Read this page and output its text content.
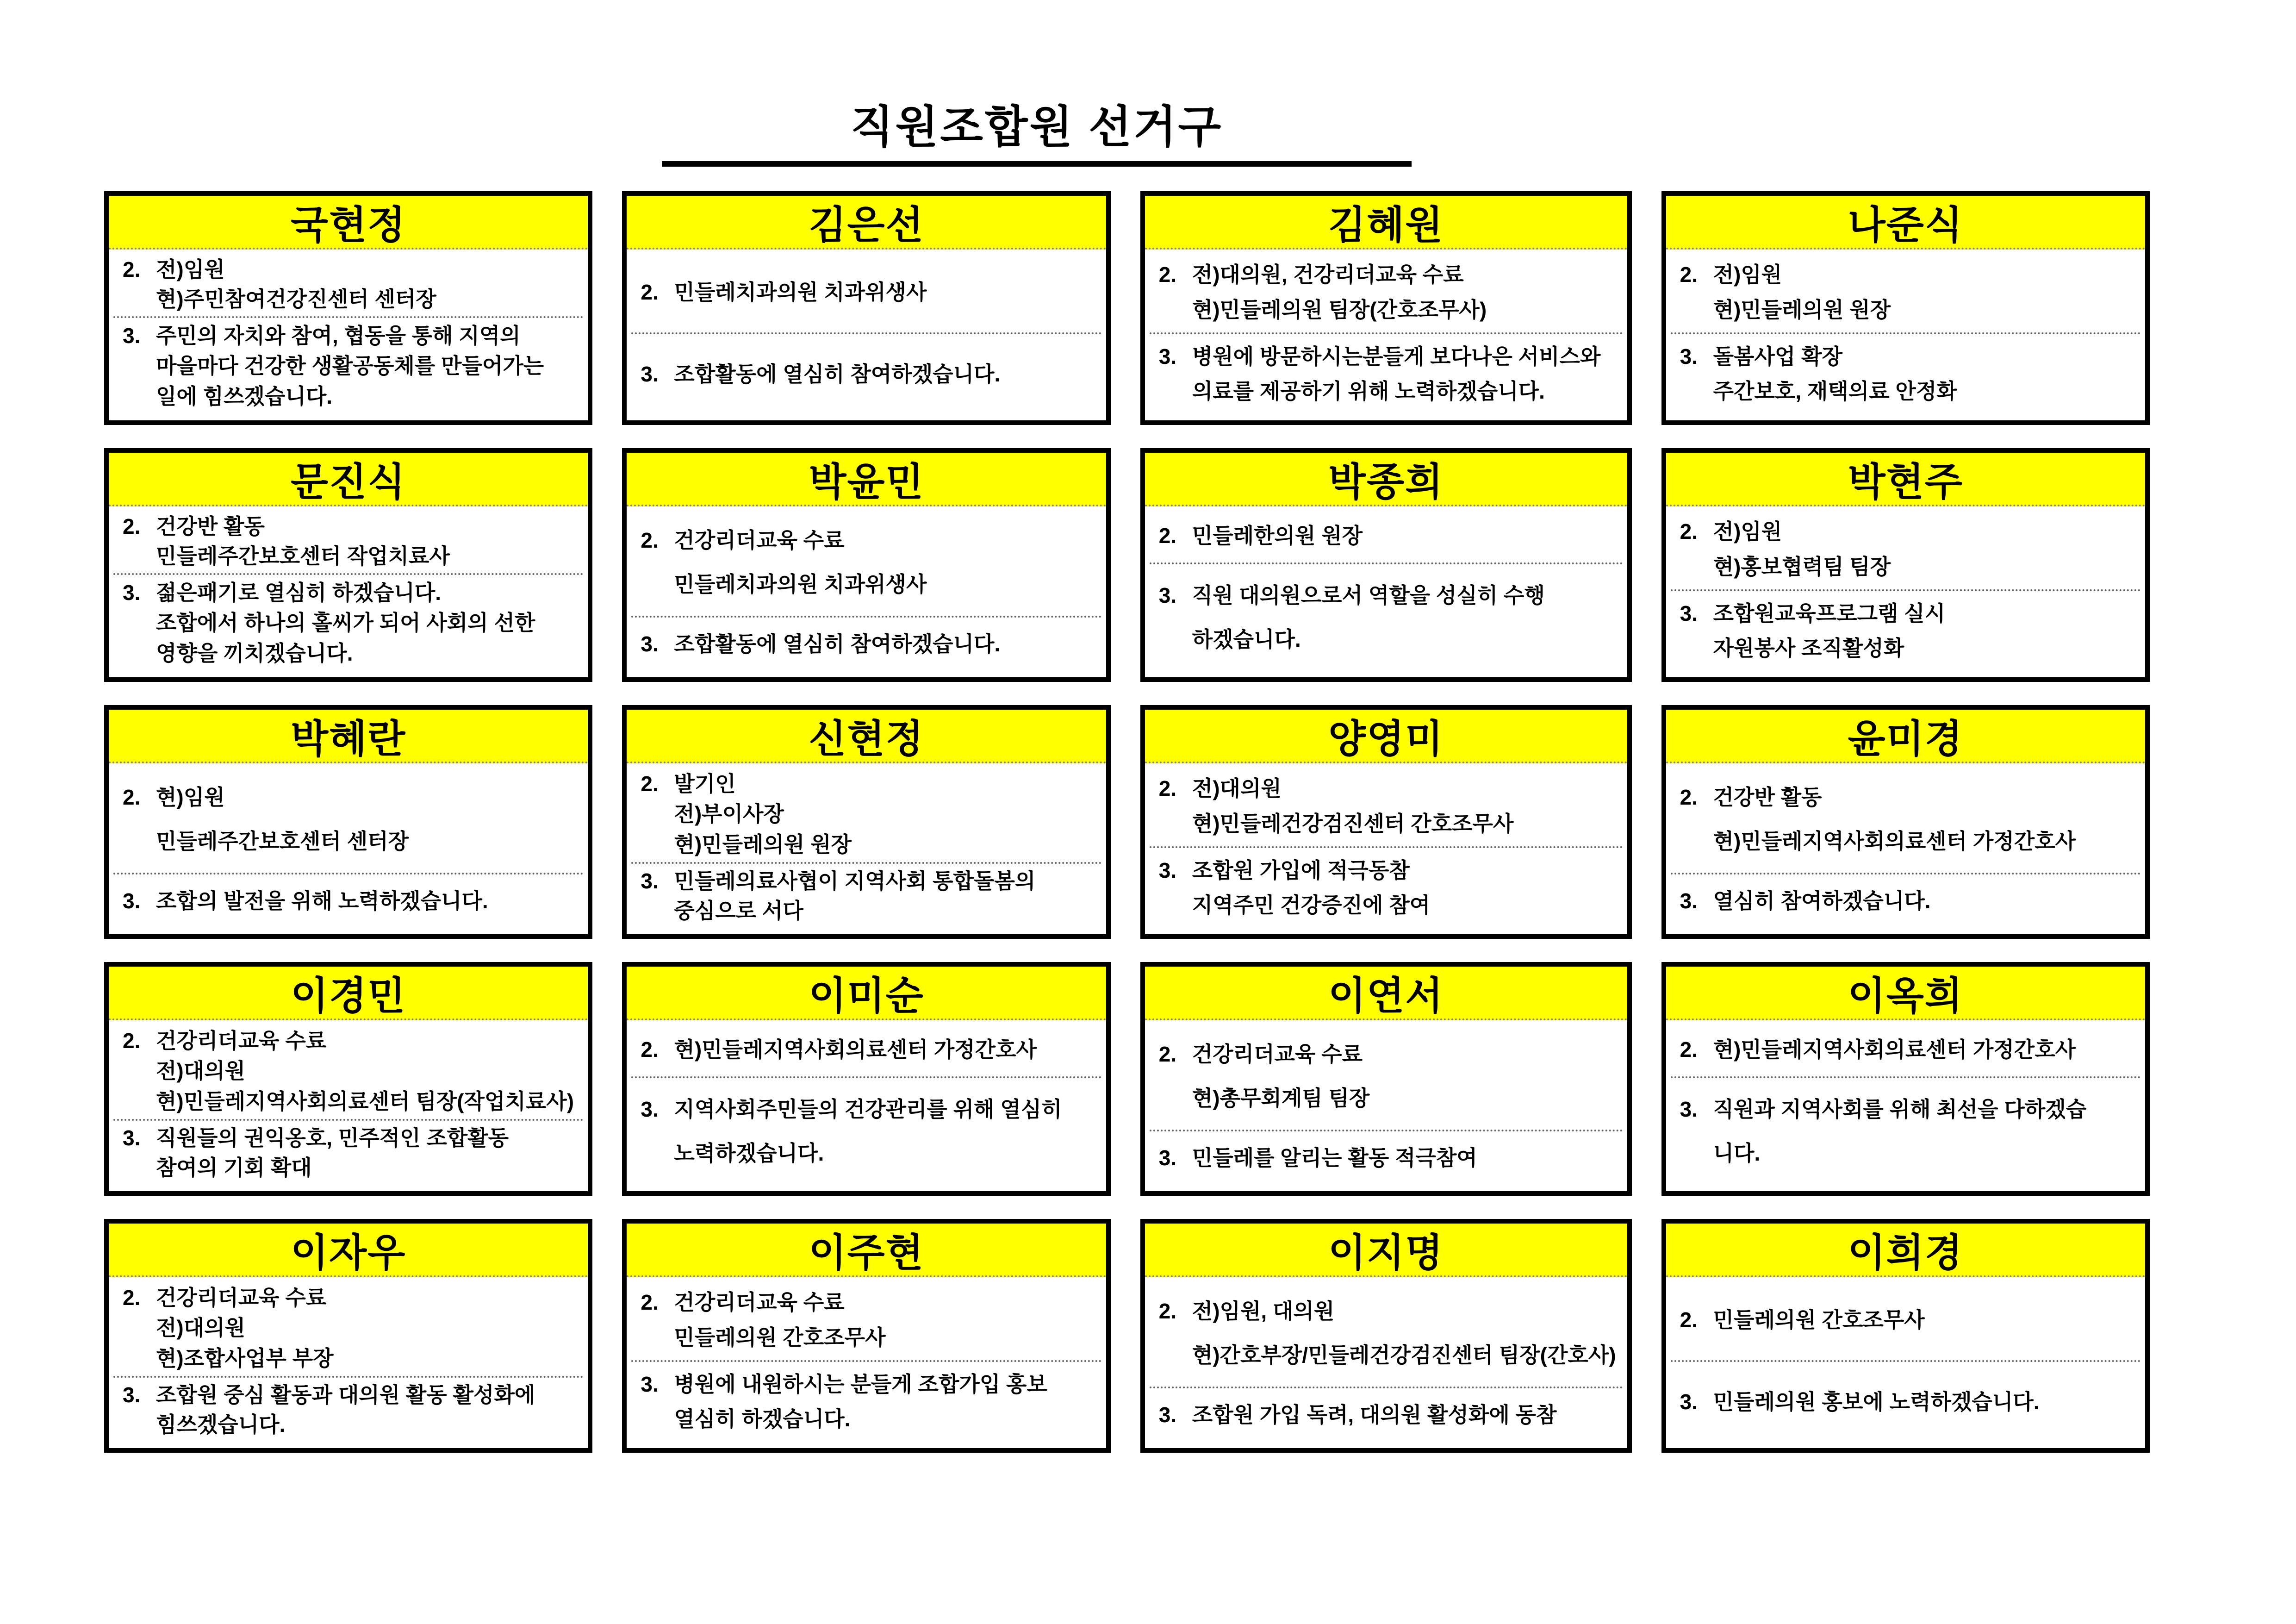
직원조합원 선거구
국현정

2. 전)임원

현)주민참여건강진센터 센터장

3. 주민의 자치와 참여, 협동을 통해 지역의

마을마다 건강한 생활공동체를 만들어가는

일에 힘쓰겠습니다.

김은선

2. 민들레치과의원 치과위생사

3. 조합활동에 열심히 참여하겠습니다.

김혜원

2. 전)대의원, 건강리더교육 수료

현)민들레의원 팀장(간호조무사)

3. 병원에 방문하시는분들게 보다나은 서비스와

의료를 제공하기 위해 노력하겠습니다.

나준식

2. 전)임원

현)민들레의원 원장

3. 돌봄사업 확장

주간보호, 재택의료 안정화

문진식

2. 건강반 활동

민들레주간보호센터 작업치료사

3. 젊은패기로 열심히 하겠습니다.

조합에서 하나의 홀씨가 되어 사회의 선한

영향을 끼치겠습니다.

박윤민

2. 건강리더교육 수료

민들레치과의원 치과위생사

3. 조합활동에 열심히 참여하겠습니다.

박종희

2. 민들레한의원 원장

3. 직원 대의원으로서 역할을 성실히 수행

하겠습니다.

박현주

2. 전)임원

현)홍보협력팀 팀장

3. 조합원교육프로그램 실시

자원봉사 조직활성화

박혜란

2. 현)임원

민들레주간보호센터 센터장

3. 조합의 발전을 위해 노력하겠습니다.

신현정

2. 발기인

전)부이사장

현)민들레의원 원장

3. 민들레의료사협이 지역사회 통합돌봄의

중심으로 서다

양영미

2. 전)대의원

현)민들레건강검진센터 간호조무사

3. 조합원 가입에 적극동참

지역주민 건강증진에 참여

윤미경

2. 건강반 활동

현)민들레지역사회의료센터 가정간호사

3. 열심히 참여하겠습니다.

이경민

2. 건강리더교육 수료

전)대의원

현)민들레지역사회의료센터 팀장(작업치료사)

3. 직원들의 권익옹호, 민주적인 조합활동

참여의 기회 확대

이미순

2. 현)민들레지역사회의료센터 가정간호사

3. 지역사회주민들의 건강관리를 위해 열심히

노력하겠습니다.

이연서

2. 건강리더교육 수료

현)총무회계팀 팀장

3. 민들레를 알리는 활동 적극참여

이옥희

2. 현)민들레지역사회의료센터 가정간호사

3. 직원과 지역사회를 위해 최선을 다하겠습

니다.

이자우

2. 건강리더교육 수료

전)대의원

현)조합사업부 부장

3. 조합원 중심 활동과 대의원 활동 활성화에

힘쓰겠습니다.

이주현

2. 건강리더교육 수료

민들레의원 간호조무사

3. 병원에 내원하시는 분들게 조합가입 홍보

열심히 하겠습니다.

이지명

2. 전)임원, 대의원

현)간호부장/민들레건강검진센터 팀장(간호사)

3. 조합원 가입 독려, 대의원 활성화에 동참

이희경

2. 민들레의원 간호조무사

3. 민들레의원 홍보에 노력하겠습니다.
